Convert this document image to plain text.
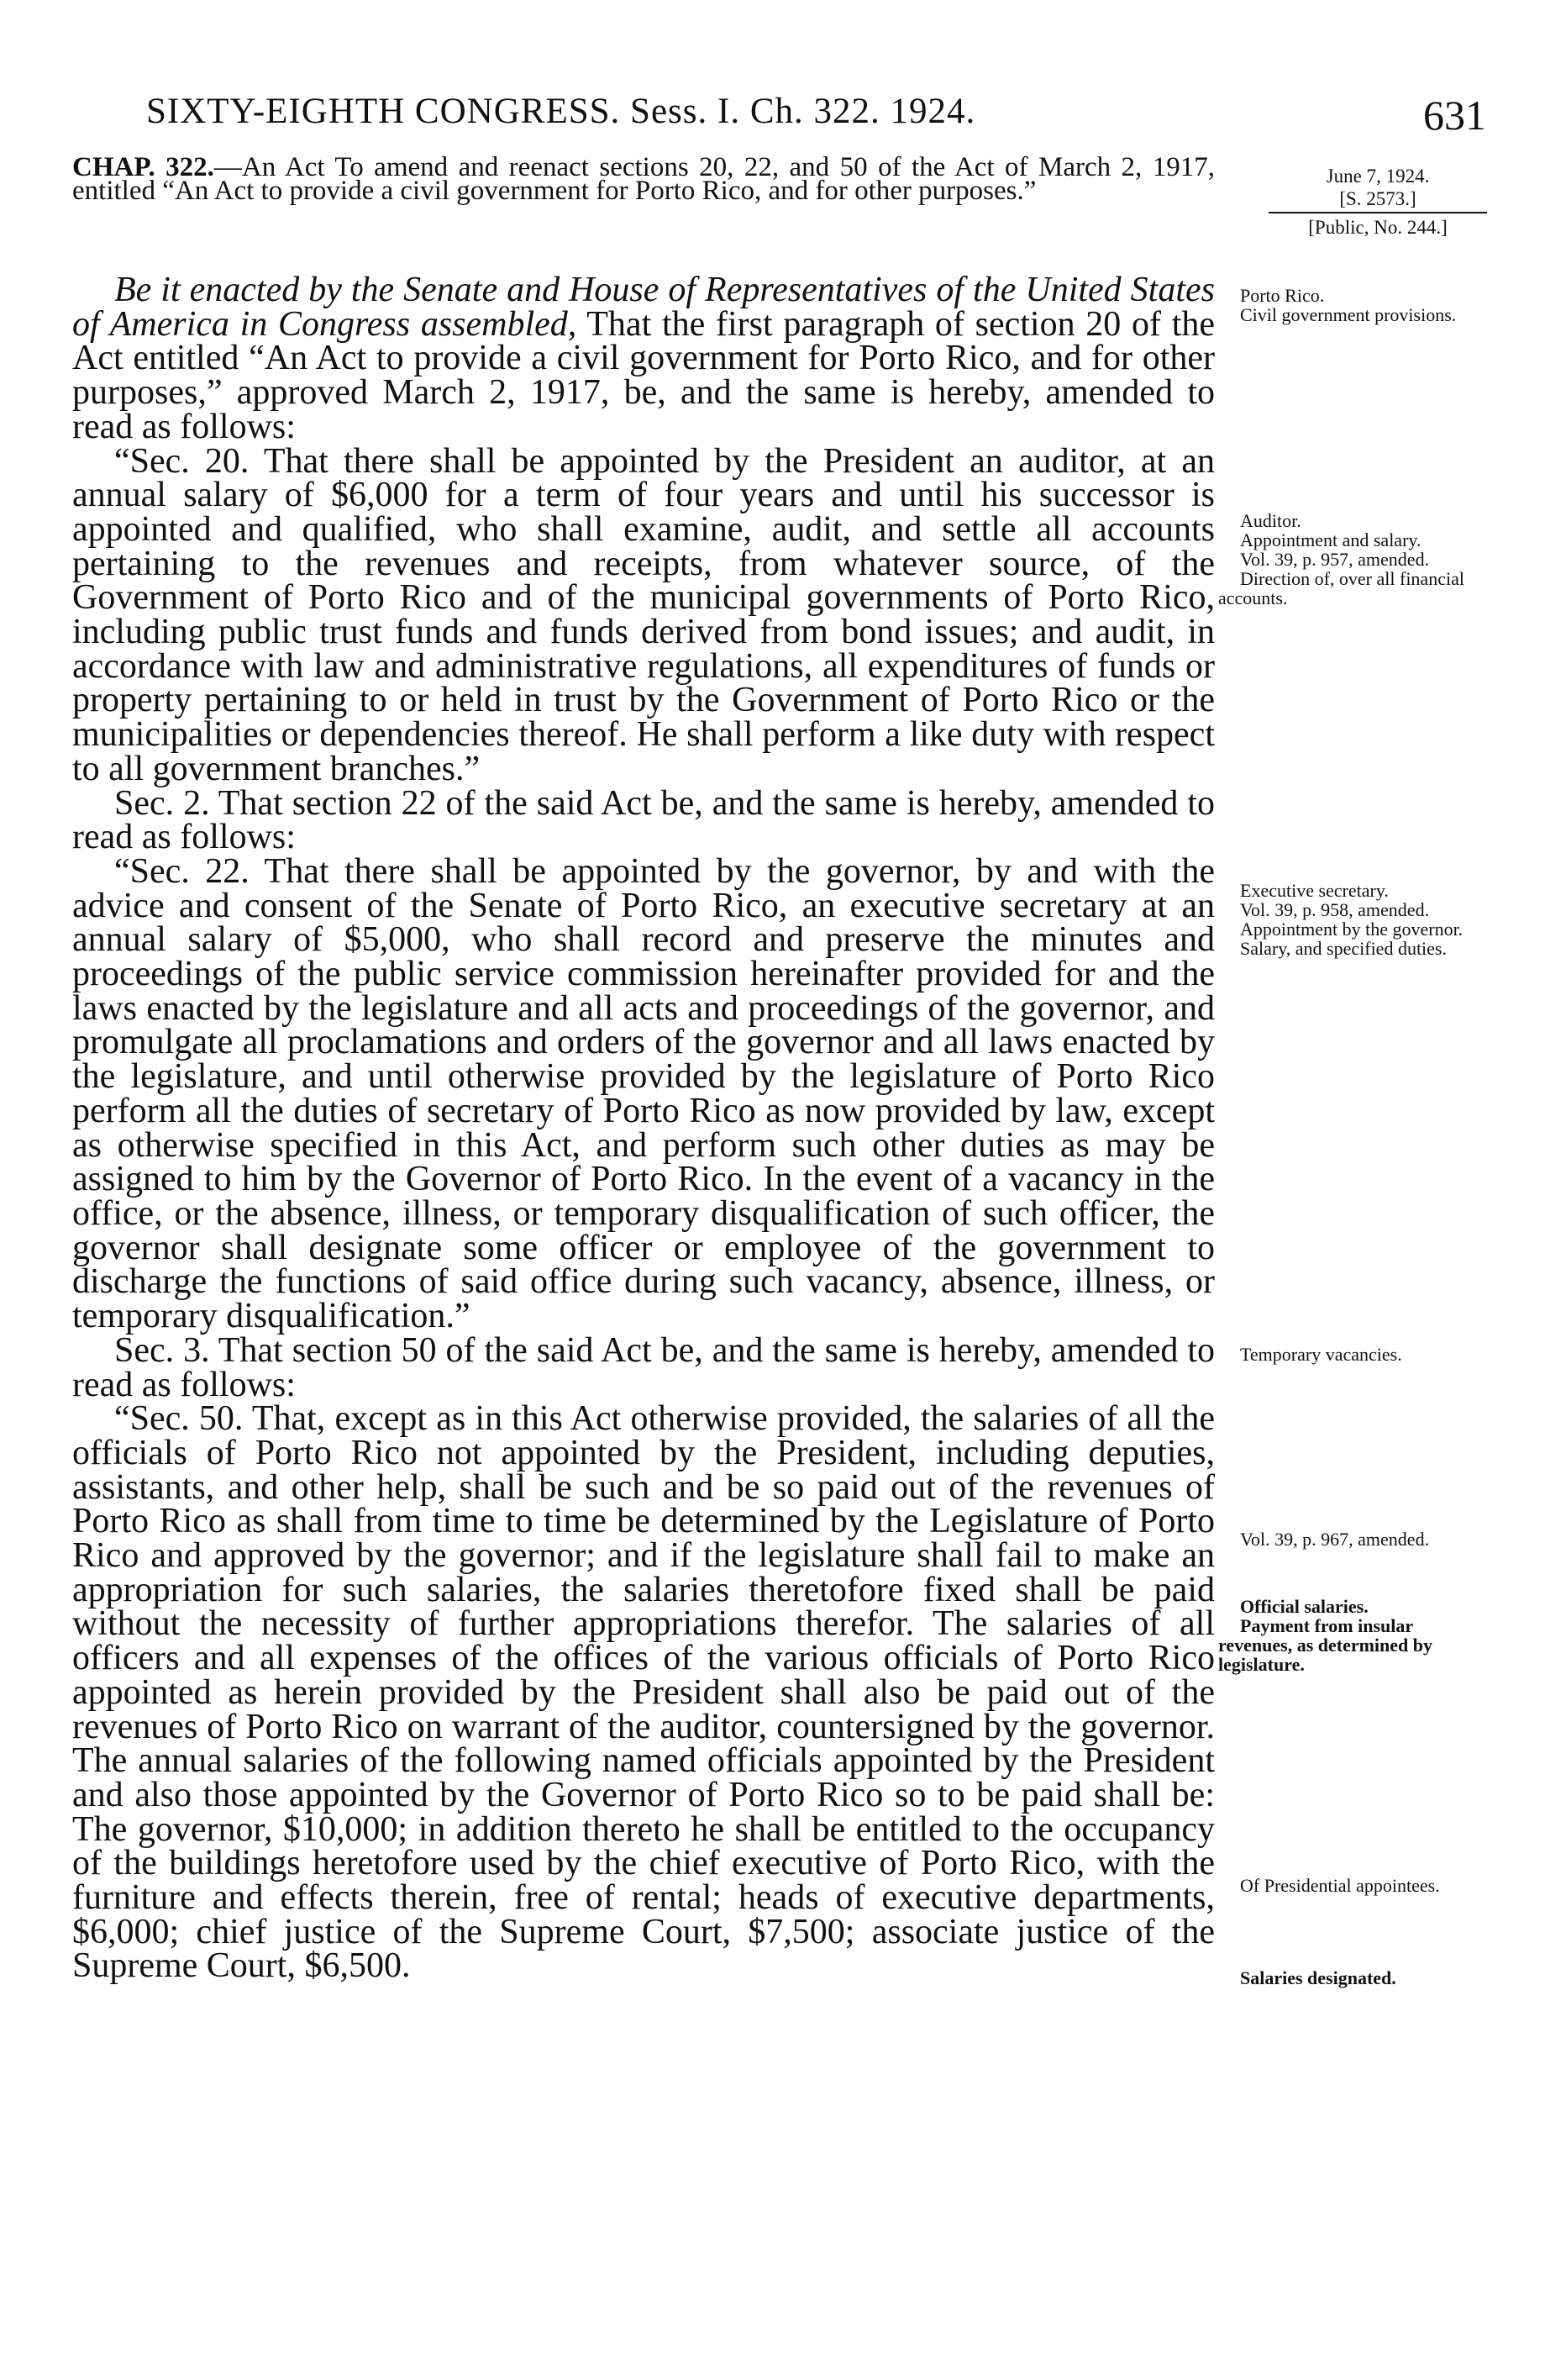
SIXTY-EIGHTH CONGRESS. Sess. I. Ch. 322. 1924.	631
CHAP. 322.—An Act To amend and reenact sections 20, 22, and 50 of the Act of March 2, 1917, entitled “An Act to provide a civil government for Porto Rico, and for other purposes.”	June 7, 1924.
[S. 2573.]
[Public, No. 244.]

Be it enacted by the Senate and House of Representatives of the United States of America in Congress assembled, That the first paragraph of section 20 of the Act entitled “An Act to provide a civil government for Porto Rico, and for other purposes,” approved March 2, 1917, be, and the same is hereby, amended to read as follows:

“Sec. 20. That there shall be appointed by the President an auditor, at an annual salary of $6,000 for a term of four years and until his successor is appointed and qualified, who shall examine, audit, and settle all accounts pertaining to the revenues and receipts, from whatever source, of the Government of Porto Rico and of the municipal governments of Porto Rico, including public trust funds and funds derived from bond issues; and audit, in accordance with law and administrative regulations, all expenditures of funds or property pertaining to or held in trust by the Government of Porto Rico or the municipalities or dependencies thereof. He shall perform a like duty with respect to all government branches.”

Sec. 2. That section 22 of the said Act be, and the same is hereby, amended to read as follows:

“Sec. 22. That there shall be appointed by the governor, by and with the advice and consent of the Senate of Porto Rico, an executive secretary at an annual salary of $5,000, who shall record and preserve the minutes and proceedings of the public service commission hereinafter provided for and the laws enacted by the legislature and all acts and proceedings of the governor, and promulgate all proclamations and orders of the governor and all laws enacted by the legislature, and until otherwise provided by the legislature of Porto Rico perform all the duties of secretary of Porto Rico as now provided by law, except as otherwise specified in this Act, and perform such other duties as may be assigned to him by the Governor of Porto Rico. In the event of a vacancy in the office, or the absence, illness, or temporary disqualification of such officer, the governor shall designate some officer or employee of the government to discharge the functions of said office during such vacancy, absence, illness, or temporary disqualification.”

Sec. 3. That section 50 of the said Act be, and the same is hereby, amended to read as follows:

“Sec. 50. That, except as in this Act otherwise provided, the salaries of all the officials of Porto Rico not appointed by the President, including deputies, assistants, and other help, shall be such and be so paid out of the revenues of Porto Rico as shall from time to time be determined by the Legislature of Porto Rico and approved by the governor; and if the legislature shall fail to make an appropriation for such salaries, the salaries theretofore fixed shall be paid without the necessity of further appropriations therefor. The salaries of all officers and all expenses of the offices of the various officials of Porto Rico appointed as herein provided by the President shall also be paid out of the revenues of Porto Rico on warrant of the auditor, countersigned by the governor. The annual salaries of the following named officials appointed by the President and also those appointed by the Governor of Porto Rico so to be paid shall be: The governor, $10,000; in addition thereto he shall be entitled to the occupancy of the buildings heretofore used by the chief executive of Porto Rico, with the furniture and effects therein, free of rental; heads of executive departments, $6,000; chief justice of the Supreme Court, $7,500; associate justice of the Supreme Court, $6,500.

Porto Rico.
Civil government provisions.
Auditor.
Appointment and salary.
Vol. 39, p. 957, amended.
Direction of, over all financial accounts.
Executive secretary.
Vol. 39, p. 958, amended.
Appointment by the governor.
Salary, and specified duties.
Temporary vacancies.
Vol. 39, p. 967, amended.
Official salaries.
Payment from insular revenues, as determined by legislature.
Of Presidential appointees.
Salaries designated.
